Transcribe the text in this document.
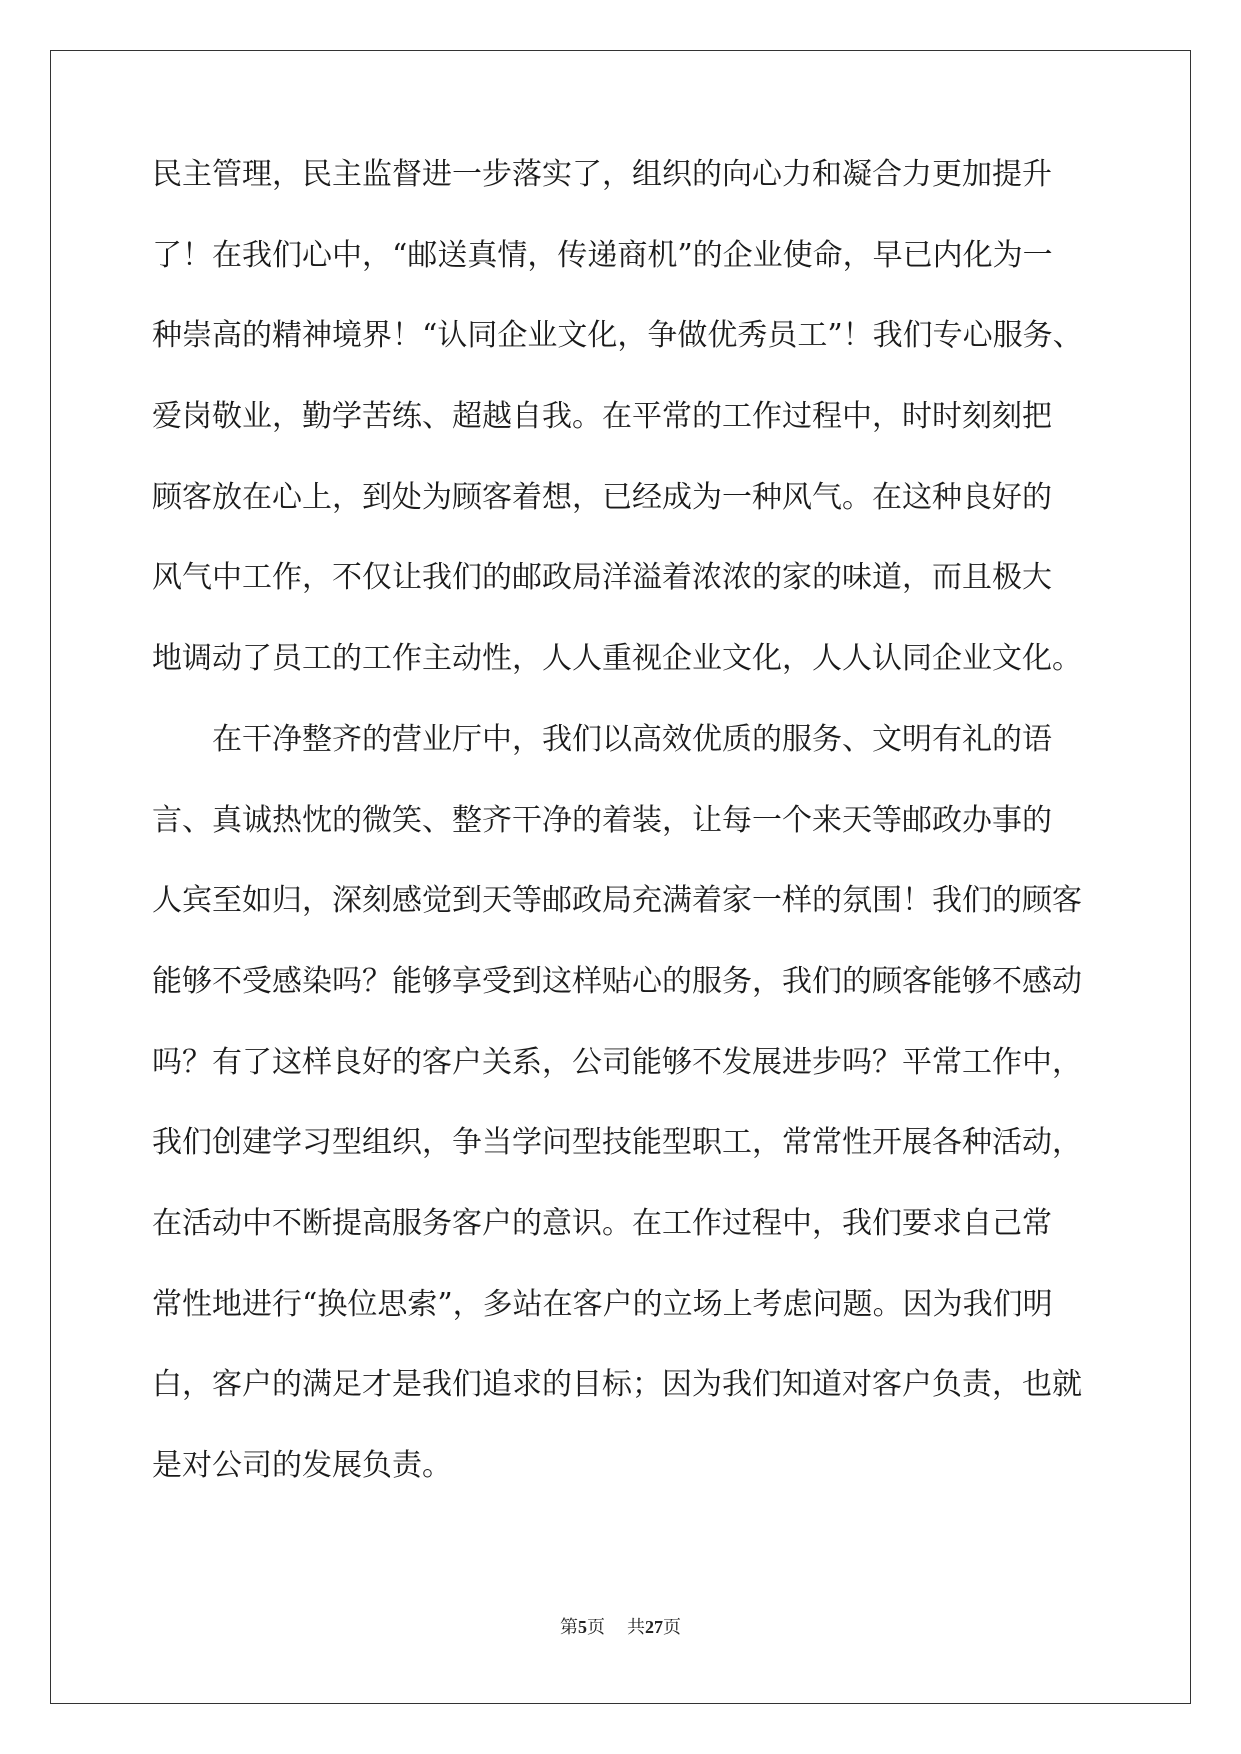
民主管理，民主监督进一步落实了，组织的向心力和凝合力更加提升
了！在我们心中，“邮送真情，传递商机”的企业使命，早已内化为一
种崇高的精神境界！“认同企业文化，争做优秀员工”！我们专心服务、
爱岗敬业，勤学苦练、超越自我。在平常的工作过程中，时时刻刻把
顾客放在心上，到处为顾客着想，已经成为一种风气。在这种良好的
风气中工作，不仅让我们的邮政局洋溢着浓浓的家的味道，而且极大
地调动了员工的工作主动性，人人重视企业文化，人人认同企业文化。
　　在干净整齐的营业厅中，我们以高效优质的服务、文明有礼的语
言、真诚热忱的微笑、整齐干净的着装，让每一个来天等邮政办事的
人宾至如归，深刻感觉到天等邮政局充满着家一样的氛围！我们的顾客
能够不受感染吗？能够享受到这样贴心的服务，我们的顾客能够不感动
吗？有了这样良好的客户关系，公司能够不发展进步吗？平常工作中，
我们创建学习型组织，争当学问型技能型职工，常常性开展各种活动，
在活动中不断提高服务客户的意识。在工作过程中，我们要求自己常
常性地进行“换位思索”，多站在客户的立场上考虑问题。因为我们明
白，客户的满足才是我们追求的目标；因为我们知道对客户负责，也就
是对公司的发展负责。
第5页 共27页
